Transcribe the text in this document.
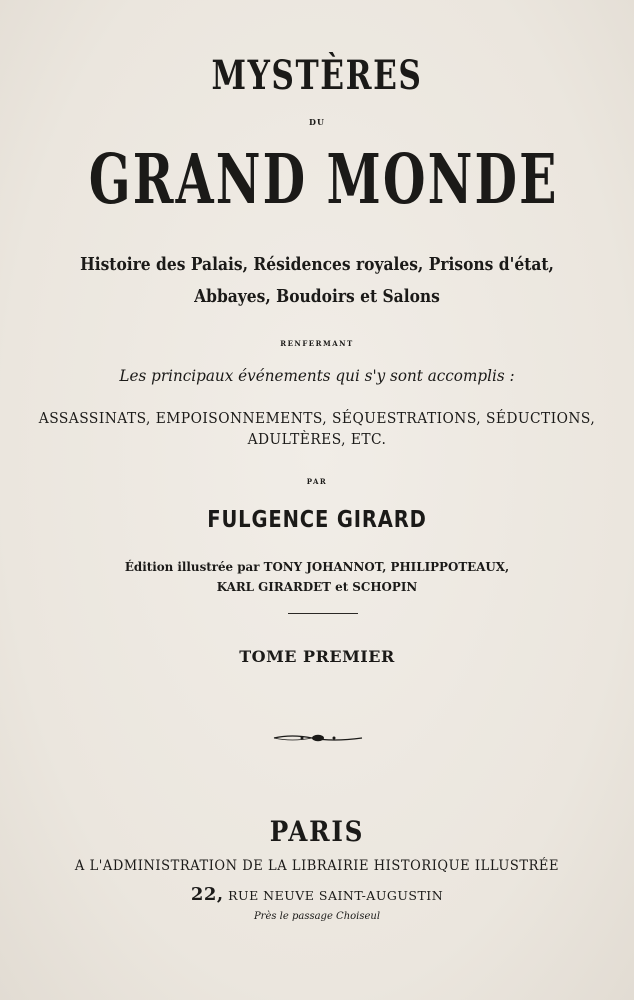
MYSTÈRES
DU
GRAND MONDE
Histoire des Palais, Résidences royales, Prisons d'état,
Abbayes, Boudoirs et Salons
RENFERMANT
Les principaux événements qui s'y sont accomplis :
ASSASSINATS, EMPOISONNEMENTS, SÉQUESTRATIONS, SÉDUCTIONS,
ADULTÈRES, ETC.
PAR
FULGENCE GIRARD
Édition illustrée par TONY JOHANNOT, PHILIPPOTEAUX,
KARL GIRARDET et SCHOPIN
TOME PREMIER
PARIS
A L'ADMINISTRATION DE LA LIBRAIRIE HISTORIQUE ILLUSTRÉE
22, RUE NEUVE SAINT-AUGUSTIN
Près le passage Choiseul
